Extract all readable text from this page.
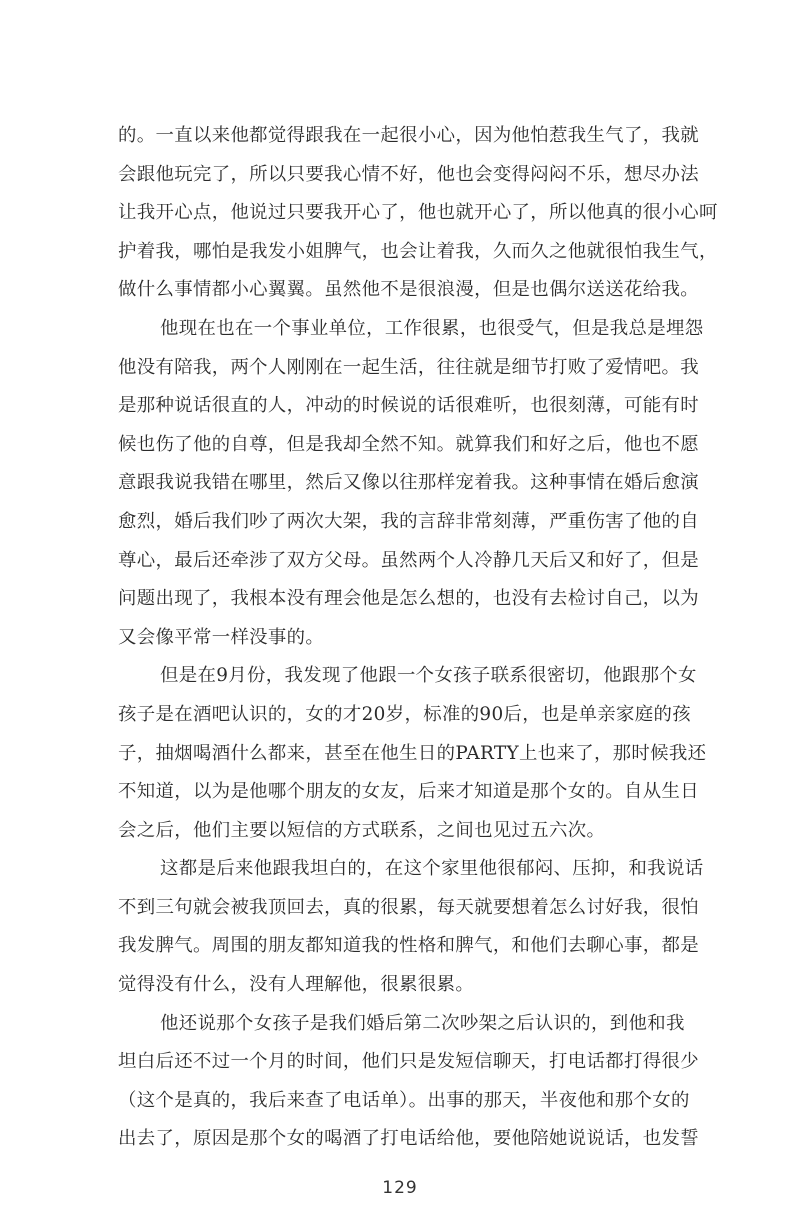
的。一直以来他都觉得跟我在一起很小心，因为他怕惹我生气了，我就
会跟他玩完了，所以只要我心情不好，他也会变得闷闷不乐，想尽办法
让我开心点，他说过只要我开心了，他也就开心了，所以他真的很小心呵
护着我，哪怕是我发小姐脾气，也会让着我，久而久之他就很怕我生气，
做什么事情都小心翼翼。虽然他不是很浪漫，但是也偶尔送送花给我。
他现在也在一个事业单位，工作很累，也很受气，但是我总是埋怨
他没有陪我，两个人刚刚在一起生活，往往就是细节打败了爱情吧。我
是那种说话很直的人，冲动的时候说的话很难听，也很刻薄，可能有时
候也伤了他的自尊，但是我却全然不知。就算我们和好之后，他也不愿
意跟我说我错在哪里，然后又像以往那样宠着我。这种事情在婚后愈演
愈烈，婚后我们吵了两次大架，我的言辞非常刻薄，严重伤害了他的自
尊心，最后还牵涉了双方父母。虽然两个人冷静几天后又和好了，但是
问题出现了，我根本没有理会他是怎么想的，也没有去检讨自己，以为
又会像平常一样没事的。
但是在9月份，我发现了他跟一个女孩子联系很密切，他跟那个女
孩子是在酒吧认识的，女的才20岁，标准的90后，也是单亲家庭的孩
子，抽烟喝酒什么都来，甚至在他生日的PARTY上也来了，那时候我还
不知道，以为是他哪个朋友的女友，后来才知道是那个女的。自从生日
会之后，他们主要以短信的方式联系，之间也见过五六次。
这都是后来他跟我坦白的，在这个家里他很郁闷、压抑，和我说话
不到三句就会被我顶回去，真的很累，每天就要想着怎么讨好我，很怕
我发脾气。周围的朋友都知道我的性格和脾气，和他们去聊心事，都是
觉得没有什么，没有人理解他，很累很累。
他还说那个女孩子是我们婚后第二次吵架之后认识的，到他和我
坦白后还不过一个月的时间，他们只是发短信聊天，打电话都打得很少
（这个是真的，我后来查了电话单）。出事的那天，半夜他和那个女的
出去了，原因是那个女的喝酒了打电话给他，要他陪她说说话，也发誓
129
